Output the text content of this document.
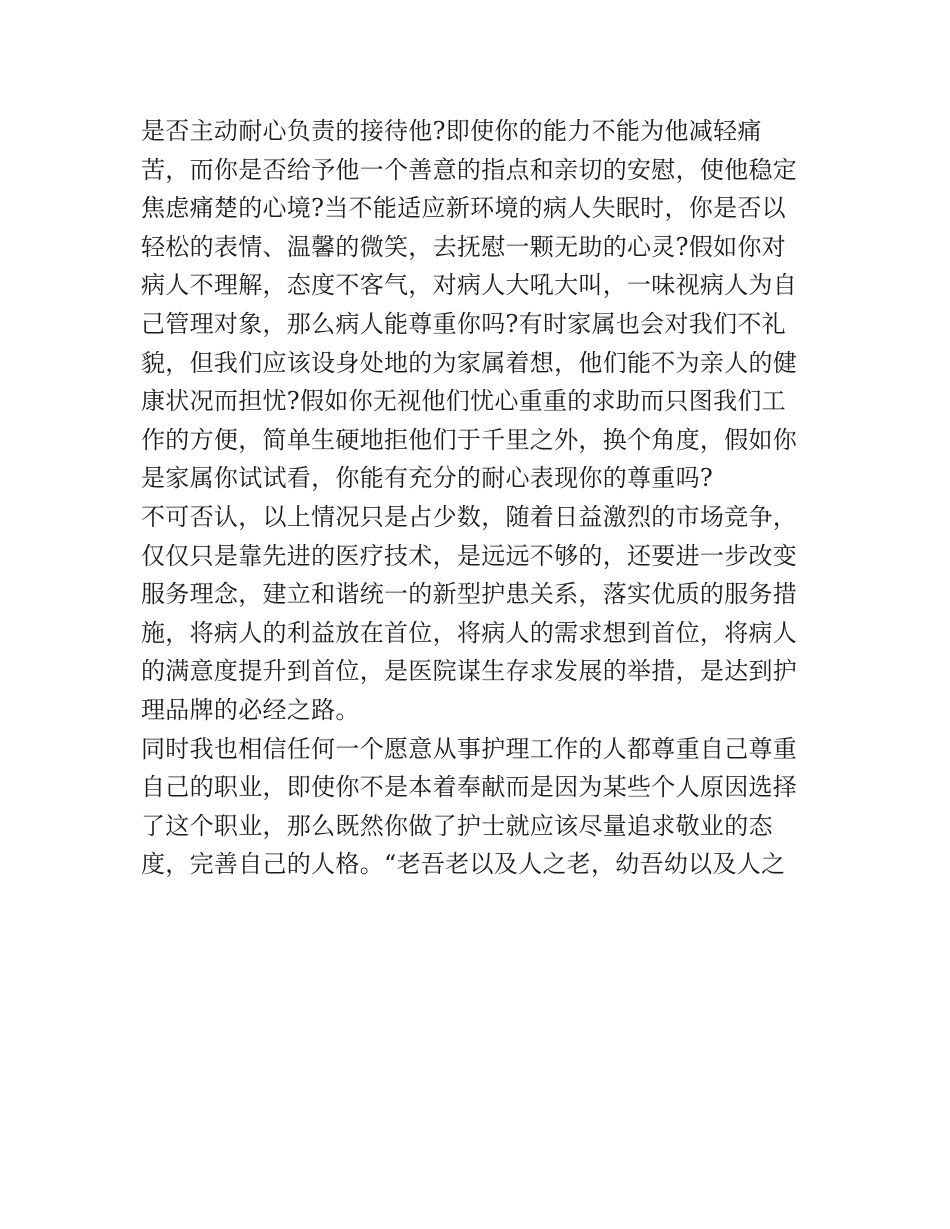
是否主动耐心负责的接待他?即使你的能力不能为他减轻痛

苦，而你是否给予他一个善意的指点和亲切的安慰，使他稳定

焦虑痛楚的心境?当不能适应新环境的病人失眠时，你是否以

轻松的表情、温馨的微笑，去抚慰一颗无助的心灵?假如你对

病人不理解，态度不客气，对病人大吼大叫，一味视病人为自

己管理对象，那么病人能尊重你吗?有时家属也会对我们不礼

貌，但我们应该设身处地的为家属着想，他们能不为亲人的健

康状况而担忧?假如你无视他们忧心重重的求助而只图我们工

作的方便，简单生硬地拒他们于千里之外，换个角度，假如你

是家属你试试看，你能有充分的耐心表现你的尊重吗?

不可否认，以上情况只是占少数，随着日益激烈的市场竞争，

仅仅只是靠先进的医疗技术，是远远不够的，还要进一步改变

服务理念，建立和谐统一的新型护患关系，落实优质的服务措

施，将病人的利益放在首位，将病人的需求想到首位，将病人

的满意度提升到首位，是医院谋生存求发展的举措，是达到护

理品牌的必经之路。

同时我也相信任何一个愿意从事护理工作的人都尊重自己尊重

自己的职业，即使你不是本着奉献而是因为某些个人原因选择

了这个职业，那么既然你做了护士就应该尽量追求敬业的态

度，完善自己的人格。“老吾老以及人之老，幼吾幼以及人之
